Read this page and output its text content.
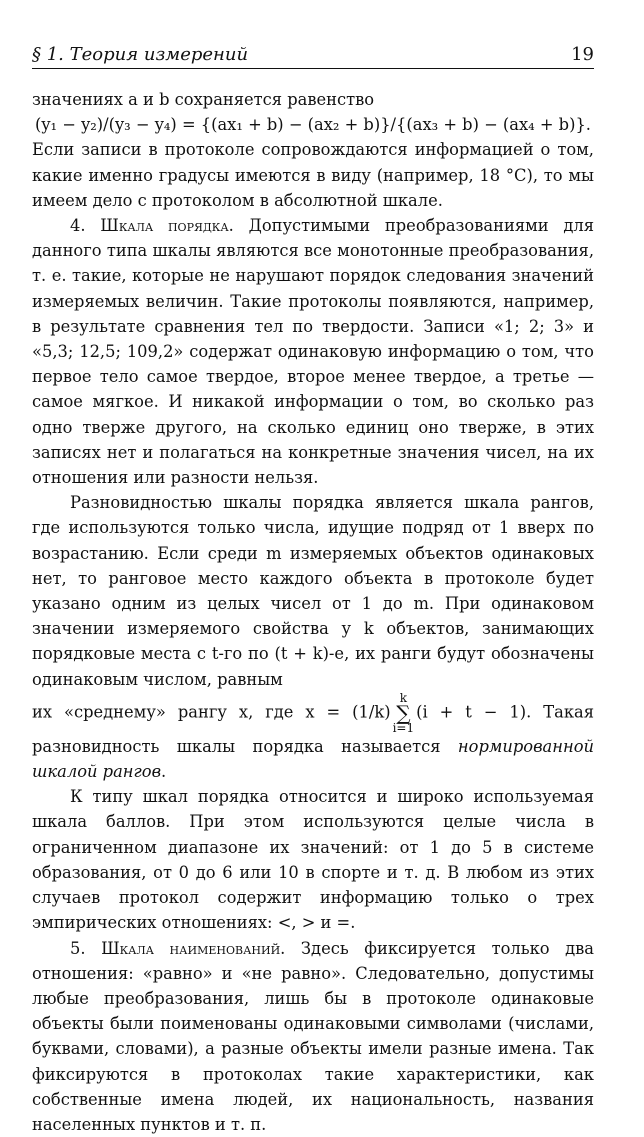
§ 1. Теория измерений	19

значениях a и b сохраняется равенство

(y₁ − y₂)/(y₃ − y₄) = {(ax₁ + b) − (ax₂ + b)}/{(ax₃ + b) − (ax₄ + b)}.

Если записи в протоколе сопровождаются информацией о том, какие именно градусы имеются в виду (например, 18 °C), то мы имеем дело с протоколом в абсолютной шкале.

4. Шкала порядка. Допустимыми преобразованиями для данного типа шкалы являются все монотонные преобразования, т. е. такие, которые не нарушают порядок следования значений измеряемых величин. Такие протоколы появляются, например, в результате сравнения тел по твердости. Записи «1; 2; 3» и «5,3; 12,5; 109,2» содержат одинаковую информацию о том, что первое тело самое твердое, второе менее твердое, а третье — самое мягкое. И никакой информации о том, во сколько раз одно тверже другого, на сколько единиц оно тверже, в этих записях нет и полагаться на конкретные значения чисел, на их отношения или разности нельзя.

Разновидностью шкалы порядка является шкала рангов, где используются только числа, идущие подряд от 1 вверх по возрастанию. Если среди m измеряемых объектов одинаковых нет, то ранговое место каждого объекта в протоколе будет указано одним из целых чисел от 1 до m. При одинаковом значении измеряемого свойства у k объектов, занимающих порядковые места с t-го по (t + k)-е, их ранги будут обозначены одинаковым числом, равным

их «среднему» рангу x, где x = (1/k)k
∑
i=1(i + t − 1). Такая разновидность шкалы порядка называется нормированной шкалой рангов.

К типу шкал порядка относится и широко используемая шкала баллов. При этом используются целые числа в ограниченном диапазоне их значений: от 1 до 5 в системе образования, от 0 до 6 или 10 в спорте и т. д. В любом из этих случаев протокол содержит информацию только о трех эмпирических отношениях: <, > и =.

5. Шкала наименований. Здесь фиксируется только два отношения: «равно» и «не равно». Следовательно, допустимы любые преобразования, лишь бы в протоколе одинаковые объекты были поименованы одинаковыми символами (числами, буквами, словами), а разные объекты имели разные имена. Так фиксируются в протоколах такие характеристики, как собственные имена людей, их национальность, названия населенных пунктов и т. п.
